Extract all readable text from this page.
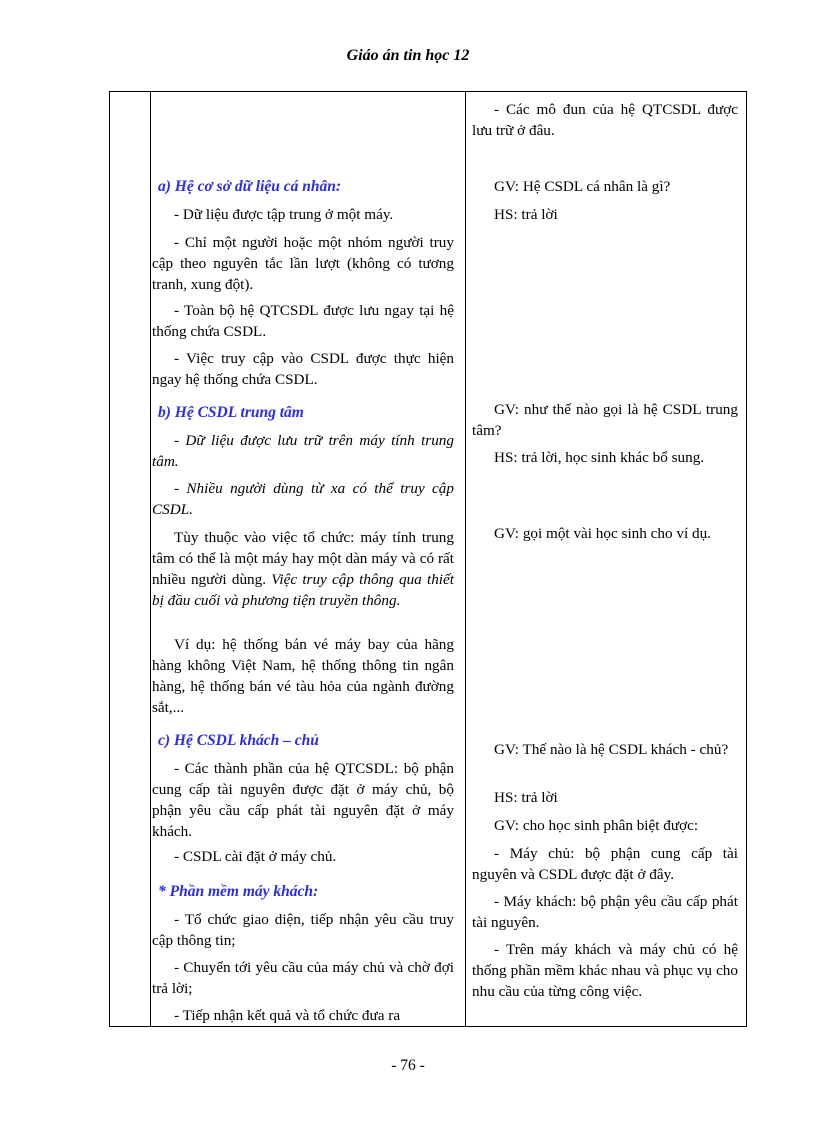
Giáo án tin học 12

a) Hệ cơ sở dữ liệu cá nhân:

- Dữ liệu được tập trung ở một máy.

- Chỉ một người hoặc một nhóm người truy cập theo nguyên tắc lần lượt (không có tương tranh, xung đột).

- Toàn bộ hệ QTCSDL được lưu ngay tại hệ thống chứa CSDL.

- Việc truy cập vào CSDL được thực hiện ngay hệ thống chứa CSDL.

b) Hệ CSDL trung tâm

- Dữ liệu được lưu trữ trên máy tính trung tâm.

- Nhiều người dùng từ xa có thể truy cập CSDL.

Tùy thuộc vào việc tổ chức: máy tính trung tâm có thể là một máy hay một dàn máy và có rất nhiều người dùng. Việc truy cập thông qua thiết bị đầu cuối và phương tiện truyền thông.

Ví dụ: hệ thống bán vé máy bay của hãng hàng không Việt Nam, hệ thống thông tin ngân hàng, hệ thống bán vé tàu hỏa của ngành đường sắt,...

c) Hệ CSDL khách – chủ

- Các thành phần của hệ QTCSDL: bộ phận cung cấp tài nguyên được đặt ở máy chủ, bộ phận yêu cầu cấp phát tài nguyên đặt ở máy khách.

- CSDL cài đặt ở máy chủ.

* Phần mềm máy khách:

- Tổ chức giao diện, tiếp nhận yêu cầu truy cập thông tin;

- Chuyển tới yêu cầu của máy chủ và chờ đợi trả lời;

- Tiếp nhận kết quả và tổ chức đưa ra

- Các mô đun của hệ QTCSDL được lưu trữ ở đâu.

GV: Hệ CSDL cá nhân là gì?

HS: trả lời

GV: như thế nào gọi là hệ CSDL trung tâm?

HS: trả lời, học sinh khác bổ sung.

GV: gọi một vài học sinh cho ví dụ.

GV: Thế nào là hệ CSDL khách - chủ?

HS: trả lời

GV: cho học sinh phân biệt được:

- Máy chủ: bộ phận cung cấp tài nguyên và CSDL được đặt ở đây.

- Máy khách: bộ phận yêu cầu cấp phát tài nguyên.

- Trên máy khách và máy chủ có hệ thống phần mềm khác nhau và phục vụ cho nhu cầu của từng công việc.

- 76 -
